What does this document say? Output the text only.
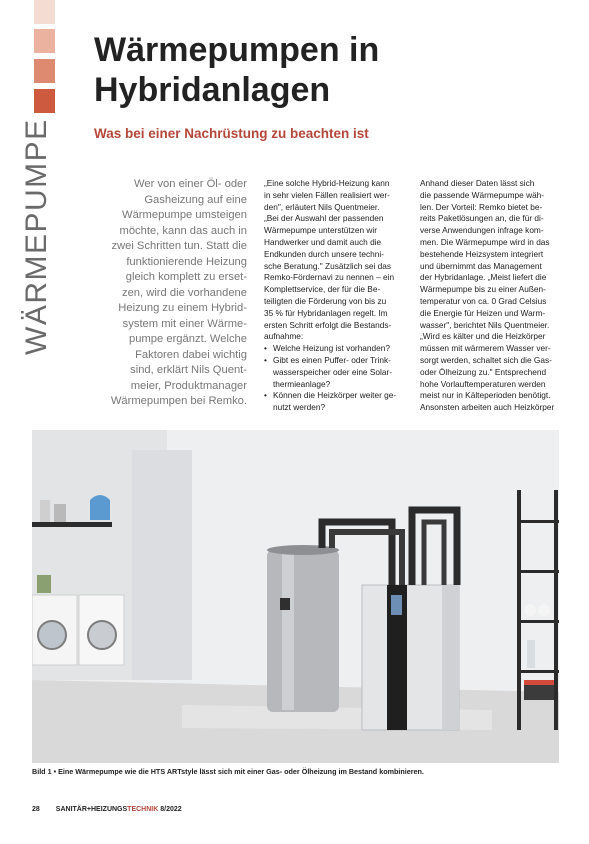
WÄRMEPUMPE
Wärmepumpen in
Hybridanlagen
Was bei einer Nachrüstung zu beachten ist
Wer von einer Öl- oder
Gasheizung auf eine
Wärmepumpe umsteigen
möchte, kann das auch in
zwei Schritten tun. Statt die
funktionierende Heizung
gleich komplett zu erset-
zen, wird die vorhandene
Heizung zu einem Hybrid-
system mit einer Wärme-
pumpe ergänzt. Welche
Faktoren dabei wichtig
sind, erklärt Nils Quent-
meier, Produktmanager
Wärmepumpen bei Remko.
„Eine solche Hybrid-Heizung kann
in sehr vielen Fällen realisiert wer-
den", erläutert Nils Quentmeier.
„Bei der Auswahl der passenden
Wärmepumpe unterstützen wir
Handwerker und damit auch die
Endkunden durch unsere techni-
sche Beratung." Zusätzlich sei das
Remko-Fördernavi zu nennen – ein
Komplettservice, der für die Be-
teiligten die Förderung von bis zu
35 % für Hybridanlagen regelt. Im
ersten Schritt erfolgt die Bestands-
aufnahme:
• Welche Heizung ist vorhanden?
• Gibt es einen Puffer- oder Trink-
wasserspeicher oder eine Solar-
thermieanlage?
• Können die Heizkörper weiter ge-
nutzt werden?
Anhand dieser Daten lässt sich
die passende Wärmepumpe wäh-
len. Der Vorteil: Remko bietet be-
reits Paketlösungen an, die für di-
verse Anwendungen infrage kom-
men. Die Wärmepumpe wird in das
bestehende Heizsystem integriert
und übernimmt das Management
der Hybridanlage. „Meist liefert die
Wärmepumpe bis zu einer Außen-
temperatur von ca. 0 Grad Celsius
die Energie für Heizen und Warm-
wasser", berichtet Nils Quentmeier.
„Wird es kälter und die Heizkörper
müssen mit wärmerem Wasser ver-
sorgt werden, schaltet sich die Gas-
oder Ölheizung zu." Entsprechend
hohe Vorlauftemperaturen werden
meist nur in Kälteperioden benötigt.
Ansonsten arbeiten auch Heizkörper

Bild 1 • Eine Wärmepumpe wie die HTS ARTstyle lässt sich mit einer Gas- oder Ölheizung im Bestand kombinieren.

28 SANITÄR+HEIZUNGSTECHNIK 8/2022
